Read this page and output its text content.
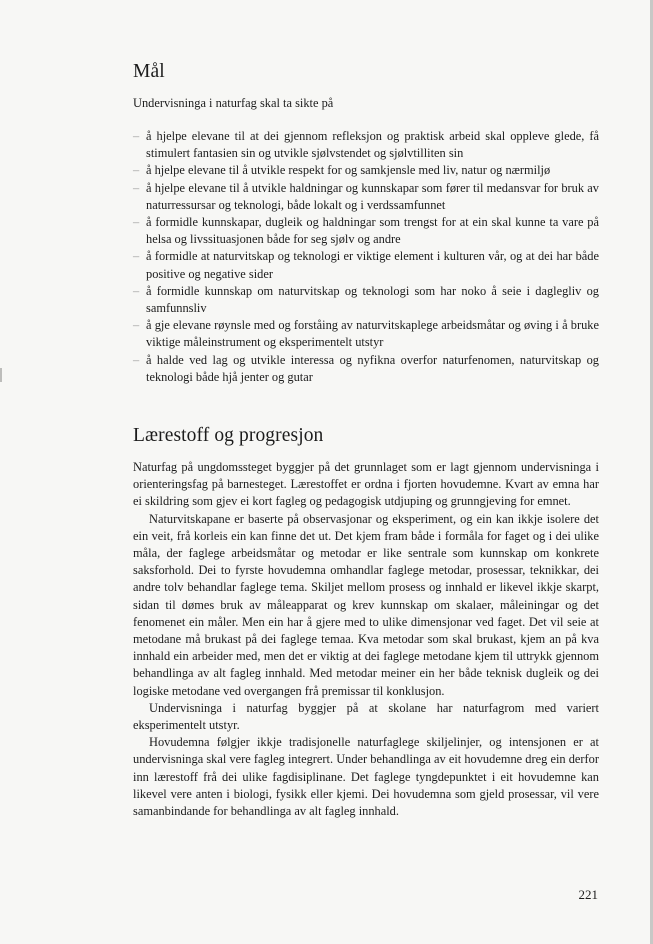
Mål

Undervisninga i naturfag skal ta sikte på

– å hjelpe elevane til at dei gjennom refleksjon og praktisk arbeid skal oppleve glede, få stimulert fantasien sin og utvikle sjølvstendet og sjølvtilliten sin
– å hjelpe elevane til å utvikle respekt for og samkjensle med liv, natur og nærmiljø
– å hjelpe elevane til å utvikle haldningar og kunnskapar som fører til medansvar for bruk av naturressursar og teknologi, både lokalt og i verdssamfunnet
– å formidle kunnskapar, dugleik og haldningar som trengst for at ein skal kunne ta vare på helsa og livssituasjonen både for seg sjølv og andre
– å formidle at naturvitskap og teknologi er viktige element i kulturen vår, og at dei har både positive og negative sider
– å formidle kunnskap om naturvitskap og teknologi som har noko å seie i daglegliv og samfunnsliv
– å gje elevane røynsle med og forståing av naturvitskaplege arbeidsmåtar og øving i å bruke viktige måleinstrument og eksperimentelt utstyr
– å halde ved lag og utvikle interessa og nyfikna overfor naturfenomen, naturvitskap og teknologi både hjå jenter og gutar
Lærestoff og progresjon

Naturfag på ungdomssteget byggjer på det grunnlaget som er lagt gjennom undervisninga i orienteringsfag på barnesteget. Lærestoffet er ordna i fjorten hovudemne. Kvart av emna har ei skildring som gjev ei kort fagleg og pedagogisk utdjuping og grunngjeving for emnet.

Naturvitskapane er baserte på observasjonar og eksperiment, og ein kan ikkje isolere det ein veit, frå korleis ein kan finne det ut. Det kjem fram både i formåla for faget og i dei ulike måla, der faglege arbeidsmåtar og metodar er like sentrale som kunnskap om konkrete saksforhold. Dei to fyrste hovudemna omhandlar faglege metodar, prosessar, teknikkar, dei andre tolv behandlar faglege tema. Skiljet mellom prosess og innhald er likevel ikkje skarpt, sidan til dømes bruk av måleapparat og krev kunnskap om skalaer, måleiningar og det fenomenet ein måler. Men ein har å gjere med to ulike dimensjonar ved faget. Det vil seie at metodane må brukast på dei faglege temaa. Kva metodar som skal brukast, kjem an på kva innhald ein arbeider med, men det er viktig at dei faglege metodane kjem til uttrykk gjennom behandlinga av alt fagleg innhald. Med metodar meiner ein her både teknisk dugleik og dei logiske metodane ved overgangen frå premissar til konklusjon.

Undervisninga i naturfag byggjer på at skolane har naturfagrom med variert eksperimentelt utstyr.

Hovudemna følgjer ikkje tradisjonelle naturfaglege skiljelinjer, og intensjonen er at undervisninga skal vere fagleg integrert. Under behandlinga av eit hovudemne dreg ein derfor inn lærestoff frå dei ulike fagdisiplinane. Det faglege tyngdepunktet i eit hovudemne kan likevel vere anten i biologi, fysikk eller kjemi. Dei hovudemna som gjeld prosessar, vil vere samanbindande for behandlinga av alt fagleg innhald.

221
